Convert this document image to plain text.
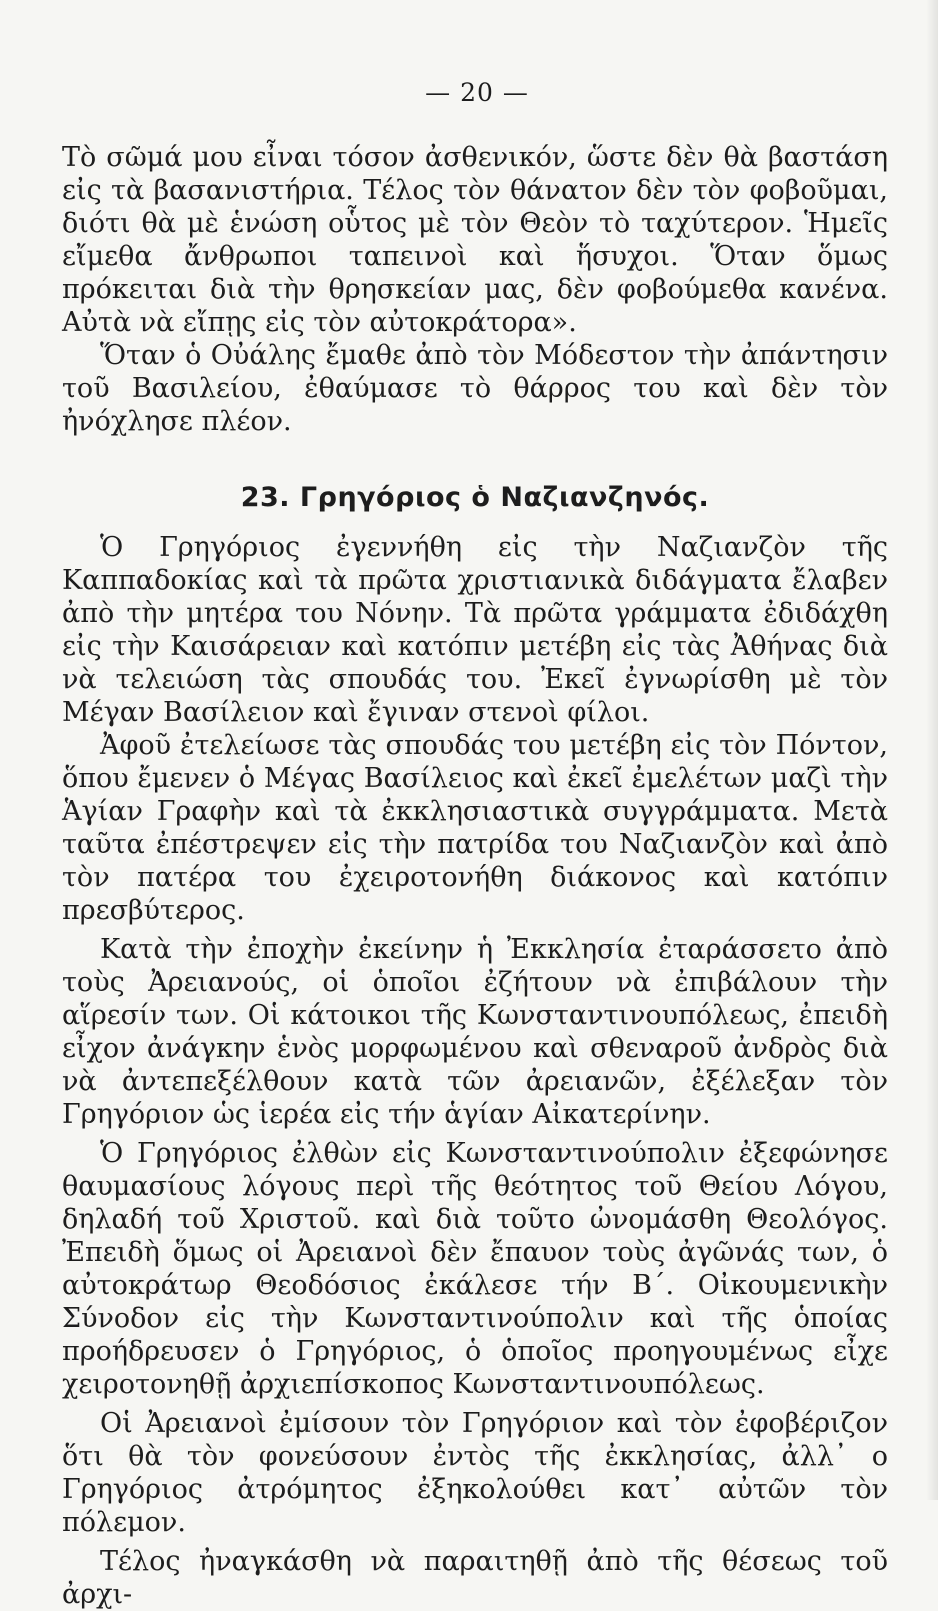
— 20 —

Τὸ σῶμά μου εἶναι τόσον ἀσθενικόν, ὥστε δὲν θὰ βαστάση εἰς τὰ βασανιστήρια. Τέλος τὸν θάνατον δὲν τὸν φοβοῦμαι, διότι θὰ μὲ ἑνώση οὗτος μὲ τὸν Θεὸν τὸ ταχύτερον. Ἡμεῖς εἴμεθα ἄνθρωποι ταπεινοὶ καὶ ἥσυχοι. Ὅταν ὅμως πρόκειται διὰ τὴν θρησκείαν μας, δὲν φοβούμεθα κανένα. Αὐτὰ νὰ εἴπῃς εἰς τὸν αὐτοκράτορα».

Ὅταν ὁ Οὐάλης ἔμαθε ἀπὸ τὸν Μόδεστον τὴν ἀπάντησιν τοῦ Βασιλείου, ἐθαύμασε τὸ θάρρος του καὶ δὲν τὸν ἠνόχλησε πλέον.

23. Γρηγόριος ὁ Ναζιανζηνός.

Ὁ Γρηγόριος ἐγεννήθη εἰς τὴν Ναζιανζὸν τῆς Καππαδοκίας καὶ τὰ πρῶτα χριστιανικὰ διδάγματα ἔλαβεν ἀπὸ τὴν μητέρα του Νόνην. Τὰ πρῶτα γράμματα ἐδιδάχθη εἰς τὴν Καισάρειαν καὶ κατόπιν μετέβη εἰς τὰς Ἀθήνας διὰ νὰ τελειώση τὰς σπουδάς του. Ἐκεῖ ἐγνωρίσθη μὲ τὸν Μέγαν Βασίλειον καὶ ἔγιναν στενοὶ φίλοι.

Ἀφοῦ ἐτελείωσε τὰς σπουδάς του μετέβη εἰς τὸν Πόντον, ὅπου ἔμενεν ὁ Μέγας Βασίλειος καὶ ἐκεῖ ἐμελέτων μαζὶ τὴν Ἁγίαν Γραφὴν καὶ τὰ ἐκκλησιαστικὰ συγγράμματα. Μετὰ ταῦτα ἐπέστρεψεν εἰς τὴν πατρίδα του Ναζιανζὸν καὶ ἀπὸ τὸν πατέρα του ἐχειροτονήθη διάκονος καὶ κατόπιν πρεσβύτερος.

Κατὰ τὴν ἐποχὴν ἐκείνην ἡ Ἐκκλησία ἐταράσσετο ἀπὸ τοὺς Ἀρειανούς, οἱ ὁποῖοι ἐζήτουν νὰ ἐπιβάλουν τὴν αἵρεσίν των. Οἱ κάτοικοι τῆς Κωνσταντινουπόλεως, ἐπειδὴ εἶχον ἀνάγκην ἑνὸς μορφωμένου καὶ σθεναροῦ ἀνδρὸς διὰ νὰ ἀντεπεξέλθουν κατὰ τῶν ἀρειανῶν, ἐξέλεξαν τὸν Γρηγόριον ὡς ἱερέα εἰς τήν ἁγίαν Αἰκατερίνην.

Ὁ Γρηγόριος ἐλθὼν εἰς Κωνσταντινούπολιν ἐξεφώνησε θαυμασίους λόγους περὶ τῆς θεότητος τοῦ Θείου Λόγου, δηλαδή τοῦ Χριστοῦ. καὶ διὰ τοῦτο ὠνομάσθη Θεολόγος. Ἐπειδὴ ὅμως οἱ Ἀρειανοὶ δὲν ἔπαυον τοὺς ἀγῶνάς των, ὁ αὐτοκράτωρ Θεοδόσιος ἐκάλεσε τήν Β΄. Οἰκουμενικὴν Σύνοδον εἰς τὴν Κωνσταντινούπολιν καὶ τῆς ὁποίας προήδρευσεν ὁ Γρηγόριος, ὁ ὁποῖος προηγουμένως εἶχε χειροτονηθῇ ἀρχιεπίσκοπος Κωνσταντινουπόλεως.

Οἱ Ἀρειανοὶ ἐμίσουν τὸν Γρηγόριον καὶ τὸν ἐφοβέριζον ὅτι θὰ τὸν φονεύσουν ἐντὸς τῆς ἐκκλησίας, ἀλλ᾽ ο Γρηγόριος ἀτρόμητος ἐξηκολούθει κατ᾽ αὐτῶν τὸν πόλεμον.

Τέλος ἠναγκάσθη νὰ παραιτηθῇ ἀπὸ τῆς θέσεως τοῦ ἀρχι-
